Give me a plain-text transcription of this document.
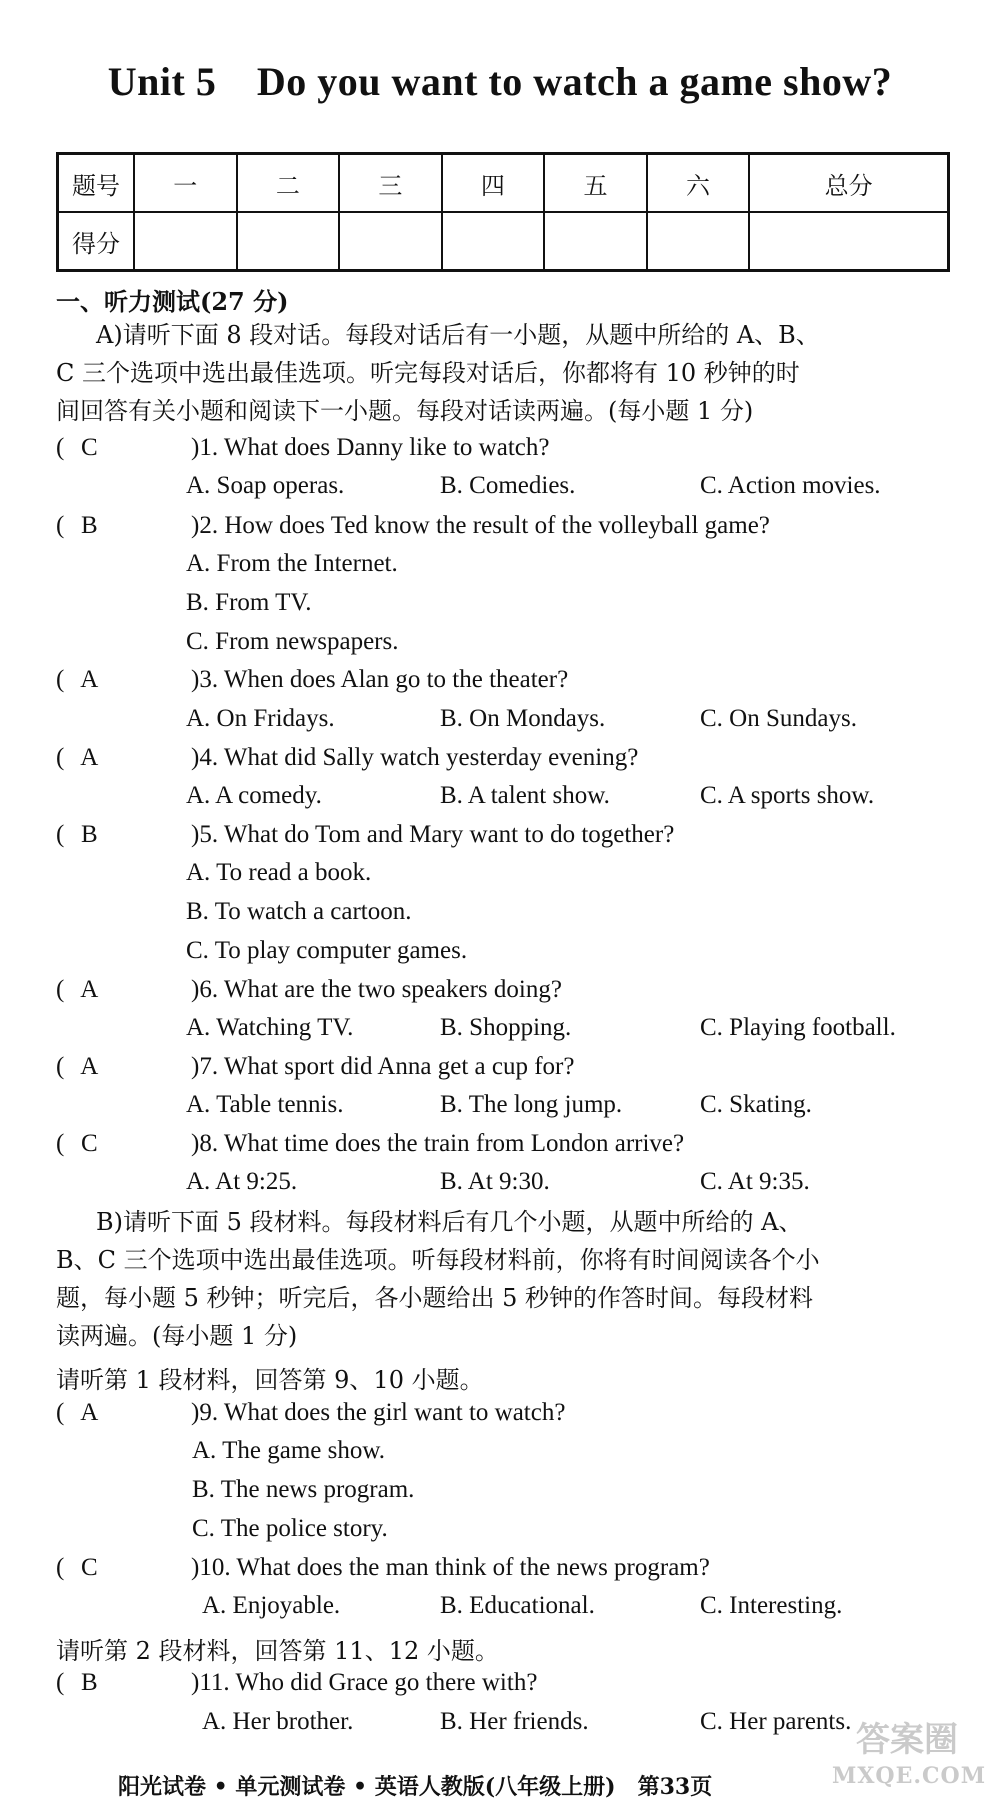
Unit 5　Do you want to watch a game show?
题号	一	二	三	四	五	六	总分
得分							
一、听力测试(27 分)
A)请听下面 8 段对话。每段对话后有一小题，从题中所给的 A、B、
C 三个选项中选出最佳选项。听完每段对话后，你都将有 10 秒钟的时
间回答有关小题和阅读下一小题。每段对话读两遍。(每小题 1 分)
( C	)1. What does Danny like to watch?
A. Soap operas.	B. Comedies.	C. Action movies.
( B	)2. How does Ted know the result of the volleyball game?
A. From the Internet.
B. From TV.
C. From newspapers.
( A	)3. When does Alan go to the theater?
A. On Fridays.	B. On Mondays.	C. On Sundays.
( A	)4. What did Sally watch yesterday evening?
A. A comedy.	B. A talent show.	C. A sports show.
( B	)5. What do Tom and Mary want to do together?
A. To read a book.
B. To watch a cartoon.
C. To play computer games.
( A	)6. What are the two speakers doing?
A. Watching TV.	B. Shopping.	C. Playing football.
( A	)7. What sport did Anna get a cup for?
A. Table tennis.	B. The long jump.	C. Skating.
( C	)8. What time does the train from London arrive?
A. At 9:25.	B. At 9:30.	C. At 9:35.
B)请听下面 5 段材料。每段材料后有几个小题，从题中所给的 A、
B、C 三个选项中选出最佳选项。听每段材料前，你将有时间阅读各个小
题，每小题 5 秒钟；听完后，各小题给出 5 秒钟的作答时间。每段材料
读两遍。(每小题 1 分)
请听第 1 段材料，回答第 9、10 小题。
( A	)9. What does the girl want to watch?
A. The game show.
B. The news program.
C. The police story.
( C	)10. What does the man think of the news program?
A. Enjoyable.	B. Educational.	C. Interesting.
请听第 2 段材料，回答第 11、12 小题。
( B	)11. Who did Grace go there with?
A. Her brother.	B. Her friends.	C. Her parents.
阳光试卷 • 单元测试卷 • 英语人教版(八年级上册)　第33页
答案圈
MXQE.COM
